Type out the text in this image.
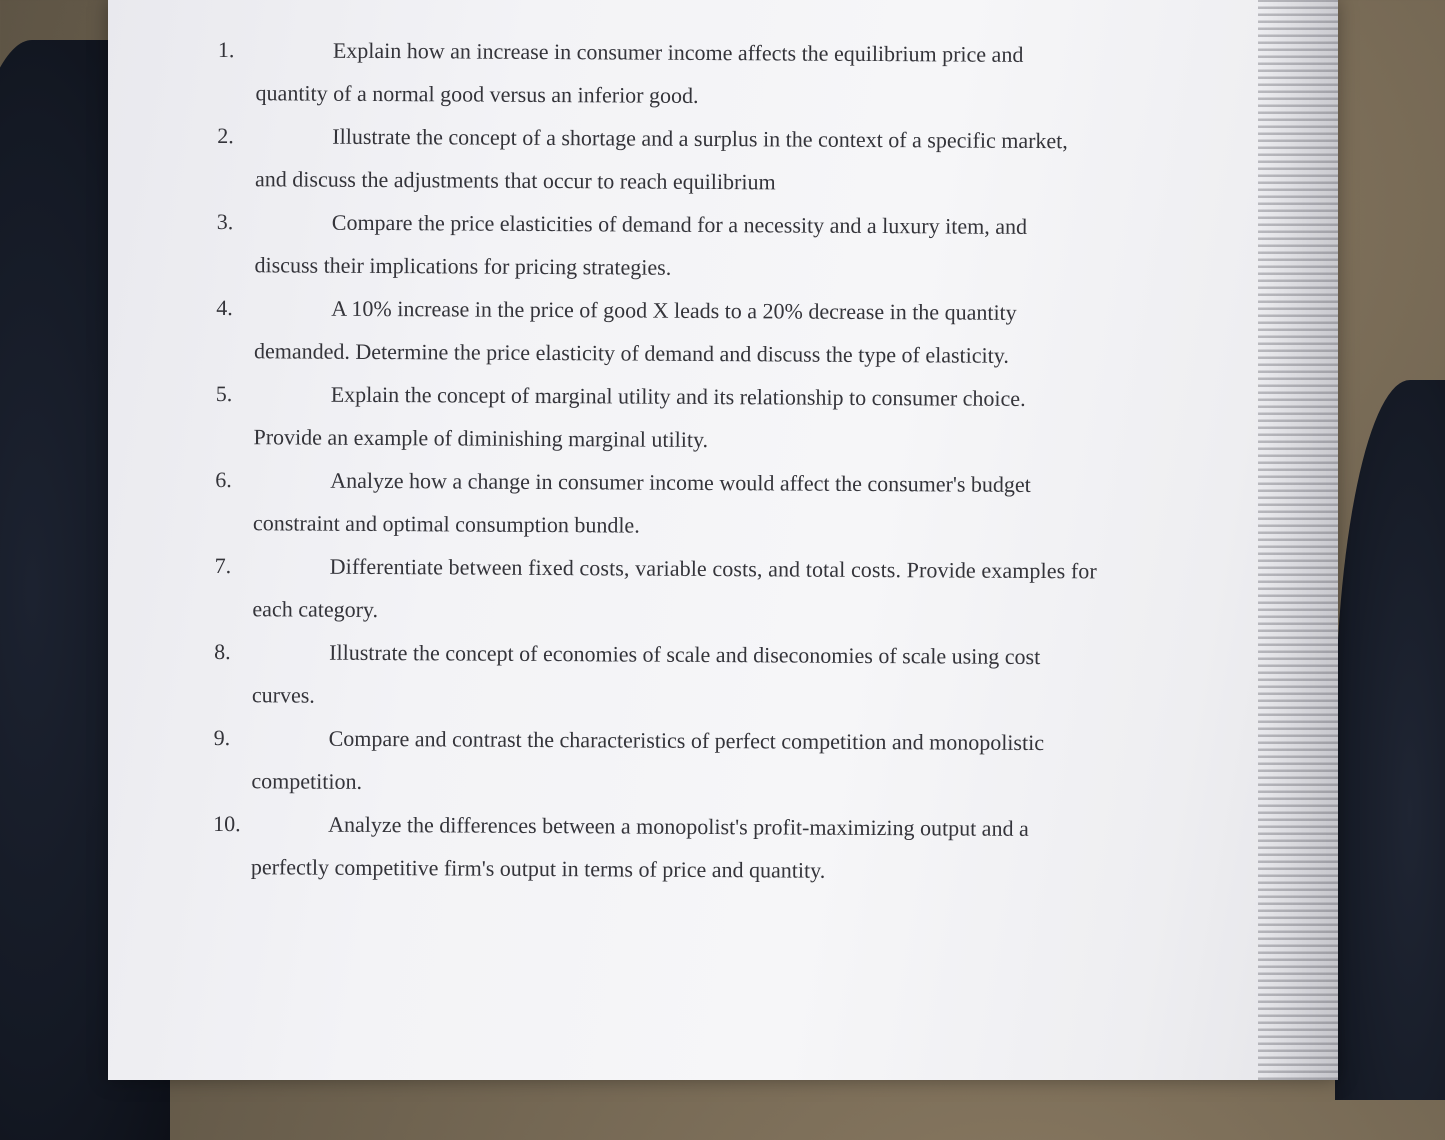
1.	Explain how an increase in consumer income affects the equilibrium price and
quantity of a normal good versus an inferior good.
2.	Illustrate the concept of a shortage and a surplus in the context of a specific market,
and discuss the adjustments that occur to reach equilibrium
3.	Compare the price elasticities of demand for a necessity and a luxury item, and
discuss their implications for pricing strategies.
4.	A 10% increase in the price of good X leads to a 20% decrease in the quantity
demanded. Determine the price elasticity of demand and discuss the type of elasticity.
5.	Explain the concept of marginal utility and its relationship to consumer choice.
Provide an example of diminishing marginal utility.
6.	Analyze how a change in consumer income would affect the consumer's budget
constraint and optimal consumption bundle.
7.	Differentiate between fixed costs, variable costs, and total costs. Provide examples for
each category.
8.	Illustrate the concept of economies of scale and diseconomies of scale using cost
curves.
9.	Compare and contrast the characteristics of perfect competition and monopolistic
competition.
10.	Analyze the differences between a monopolist's profit-maximizing output and a
perfectly competitive firm's output in terms of price and quantity.
